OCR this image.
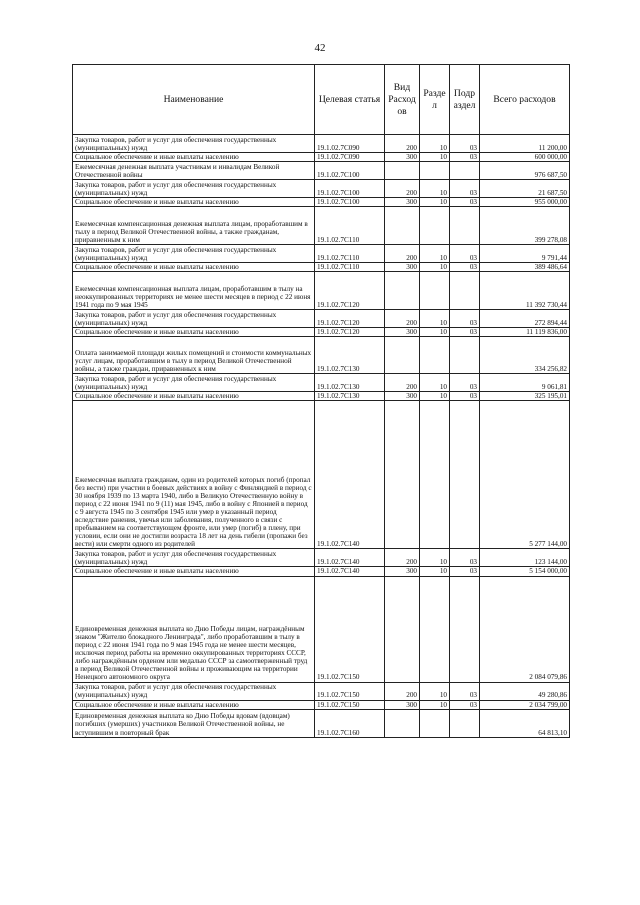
42
Наименование	Целевая статья	Вид Расход ов	Разде л	Подр аздел	Всего расходов
Закупка товаров, работ и услуг для обеспечения государственных (муниципальных) нужд	19.1.02.7С090	200	10	03	11 200,00
Социальное обеспечение и иные выплаты населению	19.1.02.7С090	300	10	03	600 000,00
Ежемесячная денежная выплата участникам и инвалидам Великой Отечественной войны	19.1.02.7С100				976 687,50
Закупка товаров, работ и услуг для обеспечения государственных (муниципальных) нужд	19.1.02.7С100	200	10	03	21 687,50
Социальное обеспечение и иные выплаты населению	19.1.02.7С100	300	10	03	955 000,00
Ежемесячная компенсационная денежная выплата лицам, проработавшим в тылу в период Великой Отечественной войны, а также гражданам, приравненным к ним	19.1.02.7С110				399 278,08
Закупка товаров, работ и услуг для обеспечения государственных (муниципальных) нужд	19.1.02.7С110	200	10	03	9 791,44
Социальное обеспечение и иные выплаты населению	19.1.02.7С110	300	10	03	389 486,64
Ежемесячная компенсационная выплата лицам, проработавшим в тылу на неоккупированных территориях не менее шести месяцев в период с 22 июня 1941 года по 9 мая 1945	19.1.02.7С120				11 392 730,44
Закупка товаров, работ и услуг для обеспечения государственных (муниципальных) нужд	19.1.02.7С120	200	10	03	272 894,44
Социальное обеспечение и иные выплаты населению	19.1.02.7С120	300	10	03	11 119 836,00
Оплата занимаемой площади жилых помещений и стоимости коммунальных услуг лицам, проработавшим в тылу в период Великой Отечественной войны, а также граждан, приравненных к ним	19.1.02.7С130				334 256,82
Закупка товаров, работ и услуг для обеспечения государственных (муниципальных) нужд	19.1.02.7С130	200	10	03	9 061,81
Социальное обеспечение и иные выплаты населению	19.1.02.7С130	300	10	03	325 195,01
Ежемесячная выплата гражданам, один из родителей которых погиб (пропал без вести) при участии в боевых действиях в войну с Финляндией в период с 30 ноября 1939 по 13 марта 1940, либо в Великую Отечественную войну в период с 22 июня 1941 по 9 (11) мая 1945, либо в войну с Японией в период с 9 августа 1945 по 3 сентября 1945 или умер в указанный период вследствие ранения, увечья или заболевания, полученного в связи с пребыванием на соответствующем фронте, или умер (погиб) в плену, при условии, если они не достигли возраста 18 лет на день гибели (пропажи без вести) или смерти одного из родителей	19.1.02.7С140				5 277 144,00
Закупка товаров, работ и услуг для обеспечения государственных (муниципальных) нужд	19.1.02.7С140	200	10	03	123 144,00
Социальное обеспечение и иные выплаты населению	19.1.02.7С140	300	10	03	5 154 000,00
Единовременная денежная выплата ко Дню Победы лицам, награждённым знаком "Жителю блокадного Ленинграда", либо проработавшим в тылу в период с 22 июня 1941 года по 9 мая 1945 года не менее шести месяцев, исключая период работы на временно оккупированных территориях СССР, либо награждённым орденом или медалью СССР за самоотверженный труд в период Великой Отечественной войны и проживающим на территории Ненецкого автономного округа	19.1.02.7С150				2 084 079,86
Закупка товаров, работ и услуг для обеспечения государственных (муниципальных) нужд	19.1.02.7С150	200	10	03	49 280,86
Социальное обеспечение и иные выплаты населению	19.1.02.7С150	300	10	03	2 034 799,00
Единовременная денежная выплата ко Дню Победы вдовам (вдовцам) погибших (умерших) участников Великой Отечественной войны, не вступившим в повторный брак	19.1.02.7С160				64 813,10
